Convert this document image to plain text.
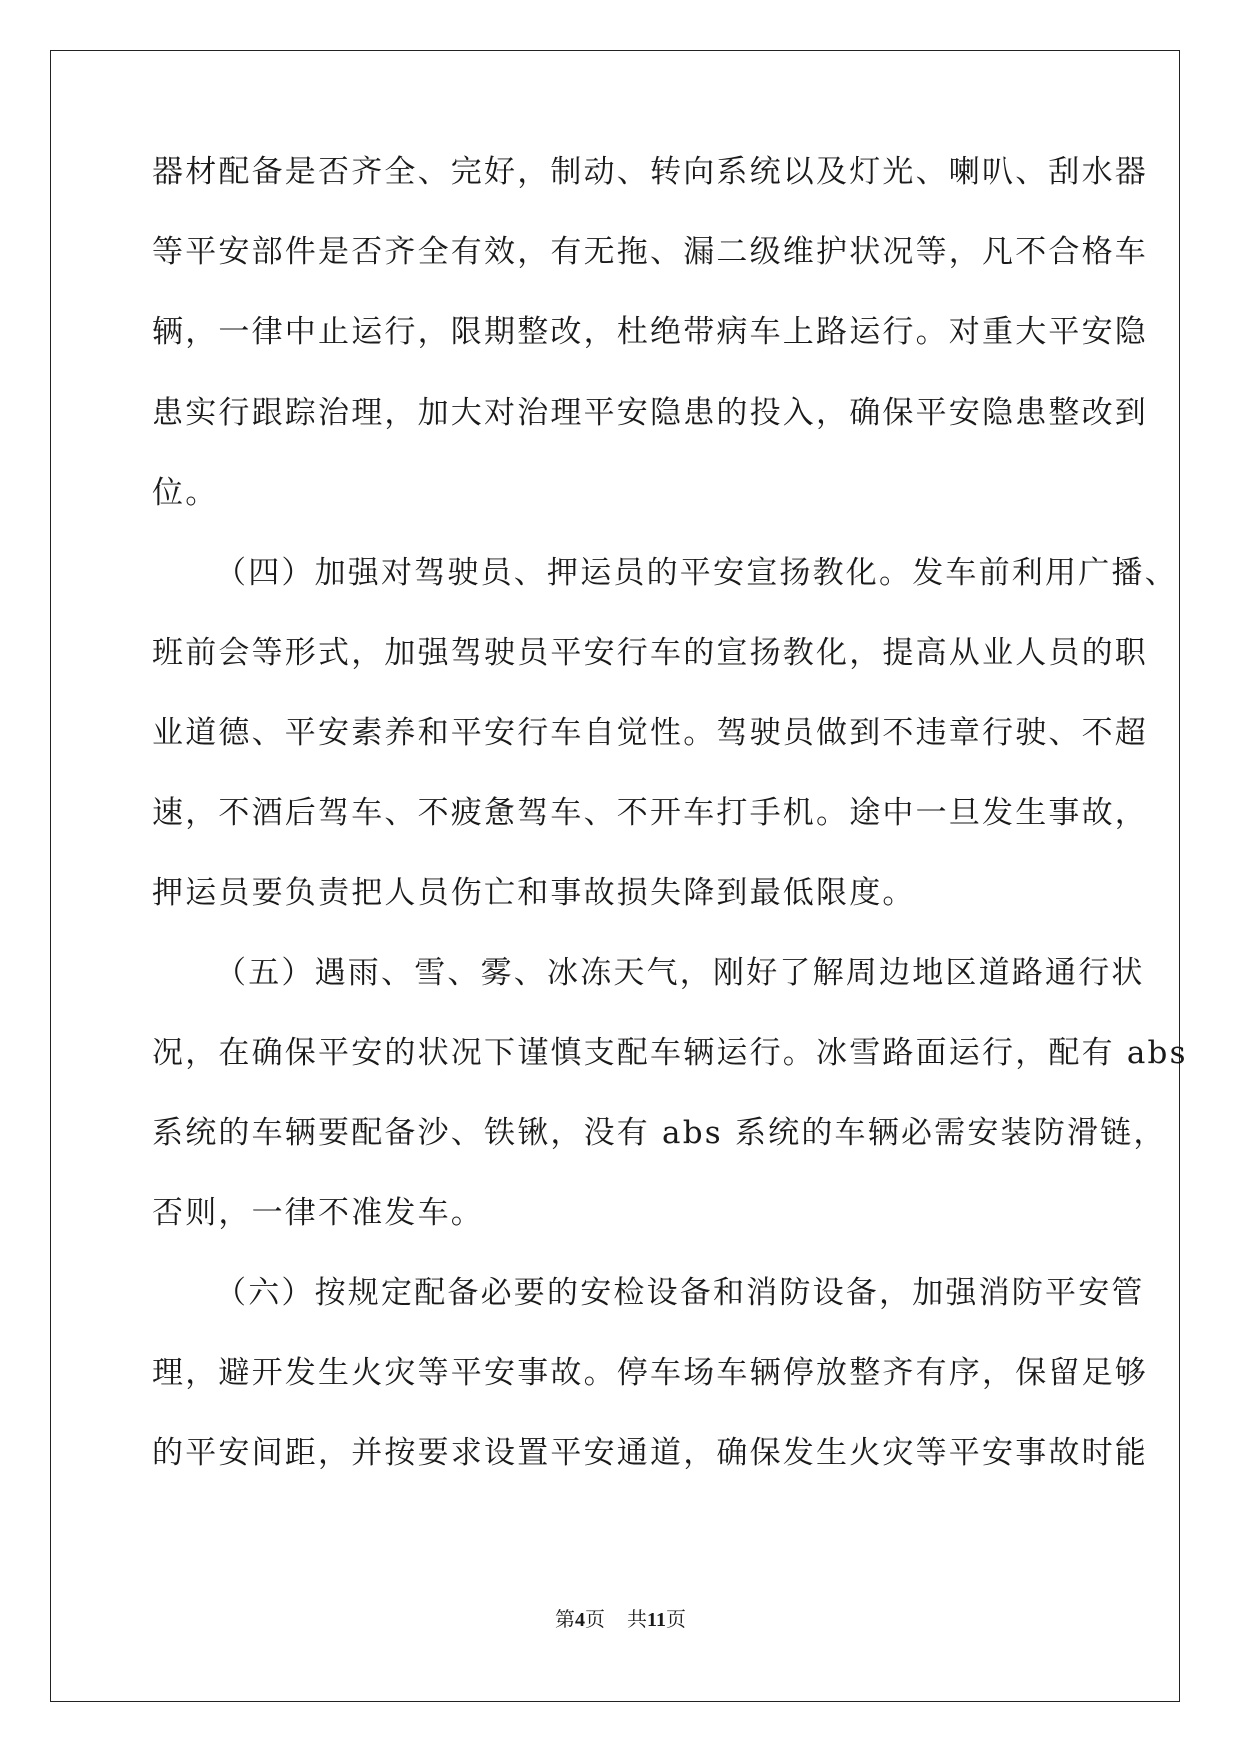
器材配备是否齐全、完好，制动、转向系统以及灯光、喇叭、刮水器

等平安部件是否齐全有效，有无拖、漏二级维护状况等，凡不合格车

辆，一律中止运行，限期整改，杜绝带病车上路运行。对重大平安隐

患实行跟踪治理，加大对治理平安隐患的投入，确保平安隐患整改到

位。

（四）加强对驾驶员、押运员的平安宣扬教化。发车前利用广播、

班前会等形式，加强驾驶员平安行车的宣扬教化，提高从业人员的职

业道德、平安素养和平安行车自觉性。驾驶员做到不违章行驶、不超

速，不酒后驾车、不疲惫驾车、不开车打手机。途中一旦发生事故，

押运员要负责把人员伤亡和事故损失降到最低限度。

（五）遇雨、雪、雾、冰冻天气，刚好了解周边地区道路通行状

况，在确保平安的状况下谨慎支配车辆运行。冰雪路面运行，配有 abs

系统的车辆要配备沙、铁锹，没有 abs 系统的车辆必需安装防滑链，

否则，一律不准发车。

（六）按规定配备必要的安检设备和消防设备，加强消防平安管

理，避开发生火灾等平安事故。停车场车辆停放整齐有序，保留足够

的平安间距，并按要求设置平安通道，确保发生火灾等平安事故时能

第4页 共11页
